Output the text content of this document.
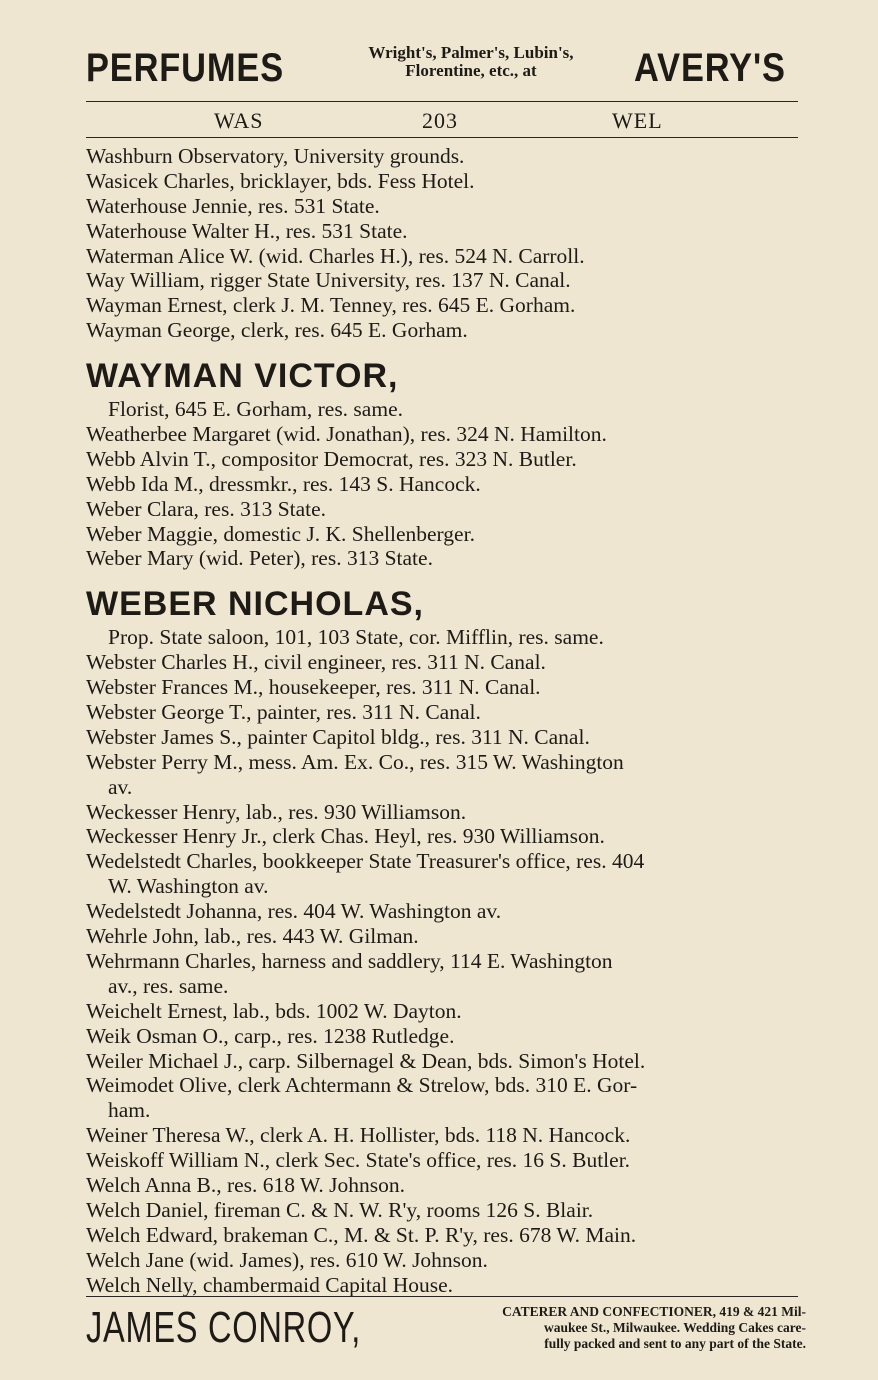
PERFUMES	Wright's, Palmer's, Lubin's,
Florentine, etc., at	AVERY'S
WAS	203	WEL
Washburn Observatory, University grounds.
Wasicek Charles, bricklayer, bds. Fess Hotel.
Waterhouse Jennie, res. 531 State.
Waterhouse Walter H., res. 531 State.
Waterman Alice W. (wid. Charles H.), res. 524 N. Carroll.
Way William, rigger State University, res. 137 N. Canal.
Wayman Ernest, clerk J. M. Tenney, res. 645 E. Gorham.
Wayman George, clerk, res. 645 E. Gorham.
WAYMAN VICTOR,
Florist, 645 E. Gorham, res. same.
Weatherbee Margaret (wid. Jonathan), res. 324 N. Hamilton.
Webb Alvin T., compositor Democrat, res. 323 N. Butler.
Webb Ida M., dressmkr., res. 143 S. Hancock.
Weber Clara, res. 313 State.
Weber Maggie, domestic J. K. Shellenberger.
Weber Mary (wid. Peter), res. 313 State.
WEBER NICHOLAS,
Prop. State saloon, 101, 103 State, cor. Mifflin, res. same.
Webster Charles H., civil engineer, res. 311 N. Canal.
Webster Frances M., housekeeper, res. 311 N. Canal.
Webster George T., painter, res. 311 N. Canal.
Webster James S., painter Capitol bldg., res. 311 N. Canal.
Webster Perry M., mess. Am. Ex. Co., res. 315 W. Washington
av.
Weckesser Henry, lab., res. 930 Williamson.
Weckesser Henry Jr., clerk Chas. Heyl, res. 930 Williamson.
Wedelstedt Charles, bookkeeper State Treasurer's office, res. 404
W. Washington av.
Wedelstedt Johanna, res. 404 W. Washington av.
Wehrle John, lab., res. 443 W. Gilman.
Wehrmann Charles, harness and saddlery, 114 E. Washington
av., res. same.
Weichelt Ernest, lab., bds. 1002 W. Dayton.
Weik Osman O., carp., res. 1238 Rutledge.
Weiler Michael J., carp. Silbernagel & Dean, bds. Simon's Hotel.
Weimodet Olive, clerk Achtermann & Strelow, bds. 310 E. Gor-
ham.
Weiner Theresa W., clerk A. H. Hollister, bds. 118 N. Hancock.
Weiskoff William N., clerk Sec. State's office, res. 16 S. Butler.
Welch Anna B., res. 618 W. Johnson.
Welch Daniel, fireman C. & N. W. R'y, rooms 126 S. Blair.
Welch Edward, brakeman C., M. & St. P. R'y, res. 678 W. Main.
Welch Jane (wid. James), res. 610 W. Johnson.
Welch Nelly, chambermaid Capital House.
JAMES CONROY,	CATERER AND CONFECTIONER, 419 & 421 Mil-
waukee St., Milwaukee. Wedding Cakes care-
fully packed and sent to any part of the State.
